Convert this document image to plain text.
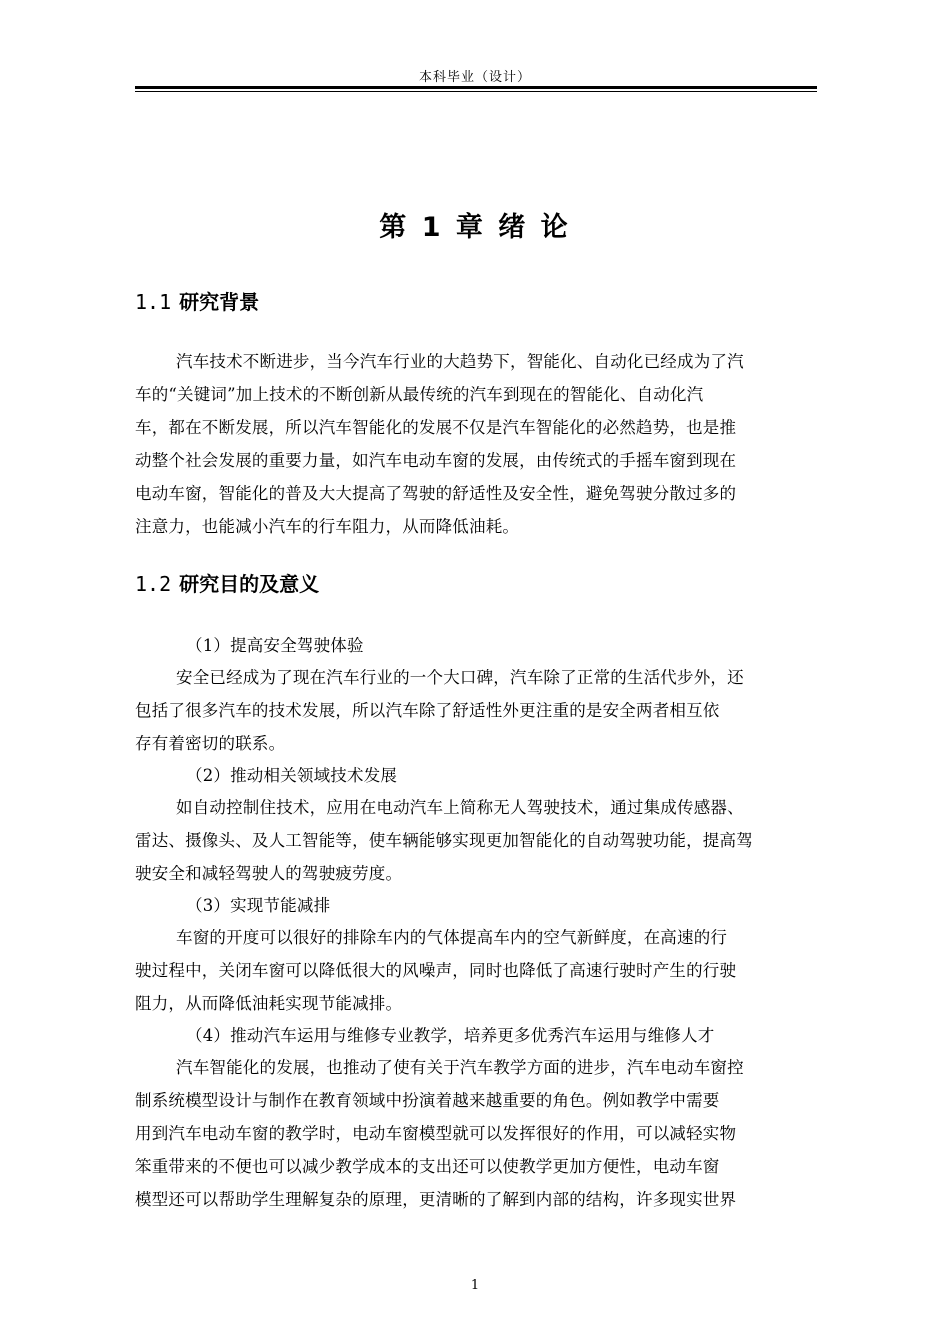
本科毕业（设计）
第 1 章 绪 论
1.1 研究背景
汽车技术不断进步，当今汽车行业的大趋势下，智能化、自动化已经成为了汽
车的“关键词”加上技术的不断创新从最传统的汽车到现在的智能化、自动化汽
车，都在不断发展，所以汽车智能化的发展不仅是汽车智能化的必然趋势，也是推
动整个社会发展的重要力量，如汽车电动车窗的发展，由传统式的手摇车窗到现在
电动车窗，智能化的普及大大提高了驾驶的舒适性及安全性，避免驾驶分散过多的
注意力，也能减小汽车的行车阻力，从而降低油耗。
1.2 研究目的及意义
（1）提高安全驾驶体验
安全已经成为了现在汽车行业的一个大口碑，汽车除了正常的生活代步外，还
包括了很多汽车的技术发展，所以汽车除了舒适性外更注重的是安全两者相互依
存有着密切的联系。
（2）推动相关领域技术发展
如自动控制住技术，应用在电动汽车上简称无人驾驶技术，通过集成传感器、
雷达、摄像头、及人工智能等，使车辆能够实现更加智能化的自动驾驶功能，提高驾
驶安全和减轻驾驶人的驾驶疲劳度。
（3）实现节能减排
车窗的开度可以很好的排除车内的气体提高车内的空气新鲜度，在高速的行
驶过程中，关闭车窗可以降低很大的风噪声，同时也降低了高速行驶时产生的行驶
阻力，从而降低油耗实现节能减排。
（4）推动汽车运用与维修专业教学，培养更多优秀汽车运用与维修人才
汽车智能化的发展，也推动了使有关于汽车教学方面的进步，汽车电动车窗控
制系统模型设计与制作在教育领域中扮演着越来越重要的角色。例如教学中需要
用到汽车电动车窗的教学时，电动车窗模型就可以发挥很好的作用，可以减轻实物
笨重带来的不便也可以减少教学成本的支出还可以使教学更加方便性，电动车窗
模型还可以帮助学生理解复杂的原理，更清晰的了解到内部的结构，许多现实世界
1
